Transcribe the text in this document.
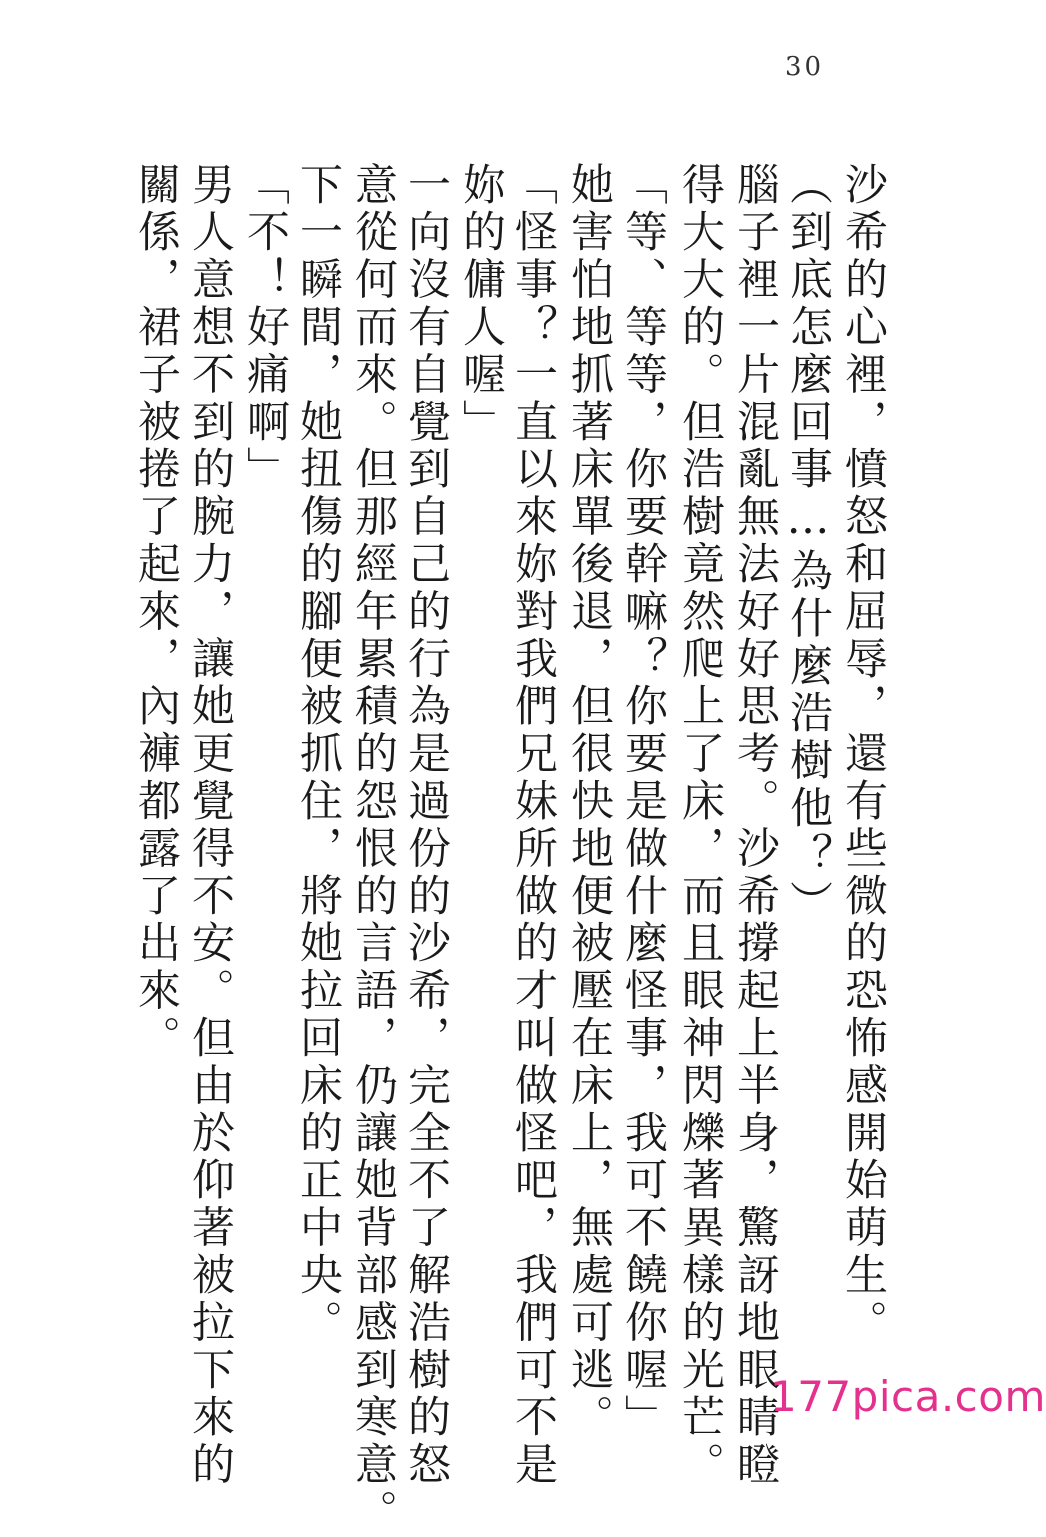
30
沙希的心裡，憤怒和屈辱，還有些微的恐怖感開始萌生。
（到底怎麼回事…為什麼浩樹他？）
腦子裡一片混亂無法好好思考。沙希撐起上半身，驚訝地眼睛瞪
得大大的。但浩樹竟然爬上了床，而且眼神閃爍著異樣的光芒。
「等、等等，你要幹嘛？你要是做什麼怪事，我可不饒你喔」
她害怕地抓著床單後退，但很快地便被壓在床上，無處可逃。
「怪事？一直以來妳對我們兄妹所做的才叫做怪吧，我們可不是
妳的傭人喔」
一向沒有自覺到自己的行為是過份的沙希，完全不了解浩樹的怒
意從何而來。但那經年累積的怨恨的言語，仍讓她背部感到寒意。
下一瞬間，她扭傷的腳便被抓住，將她拉回床的正中央。
「不！好痛啊」
男人意想不到的腕力，讓她更覺得不安。但由於仰著被拉下來的
關係，裙子被捲了起來，內褲都露了出來。
177pica.com
